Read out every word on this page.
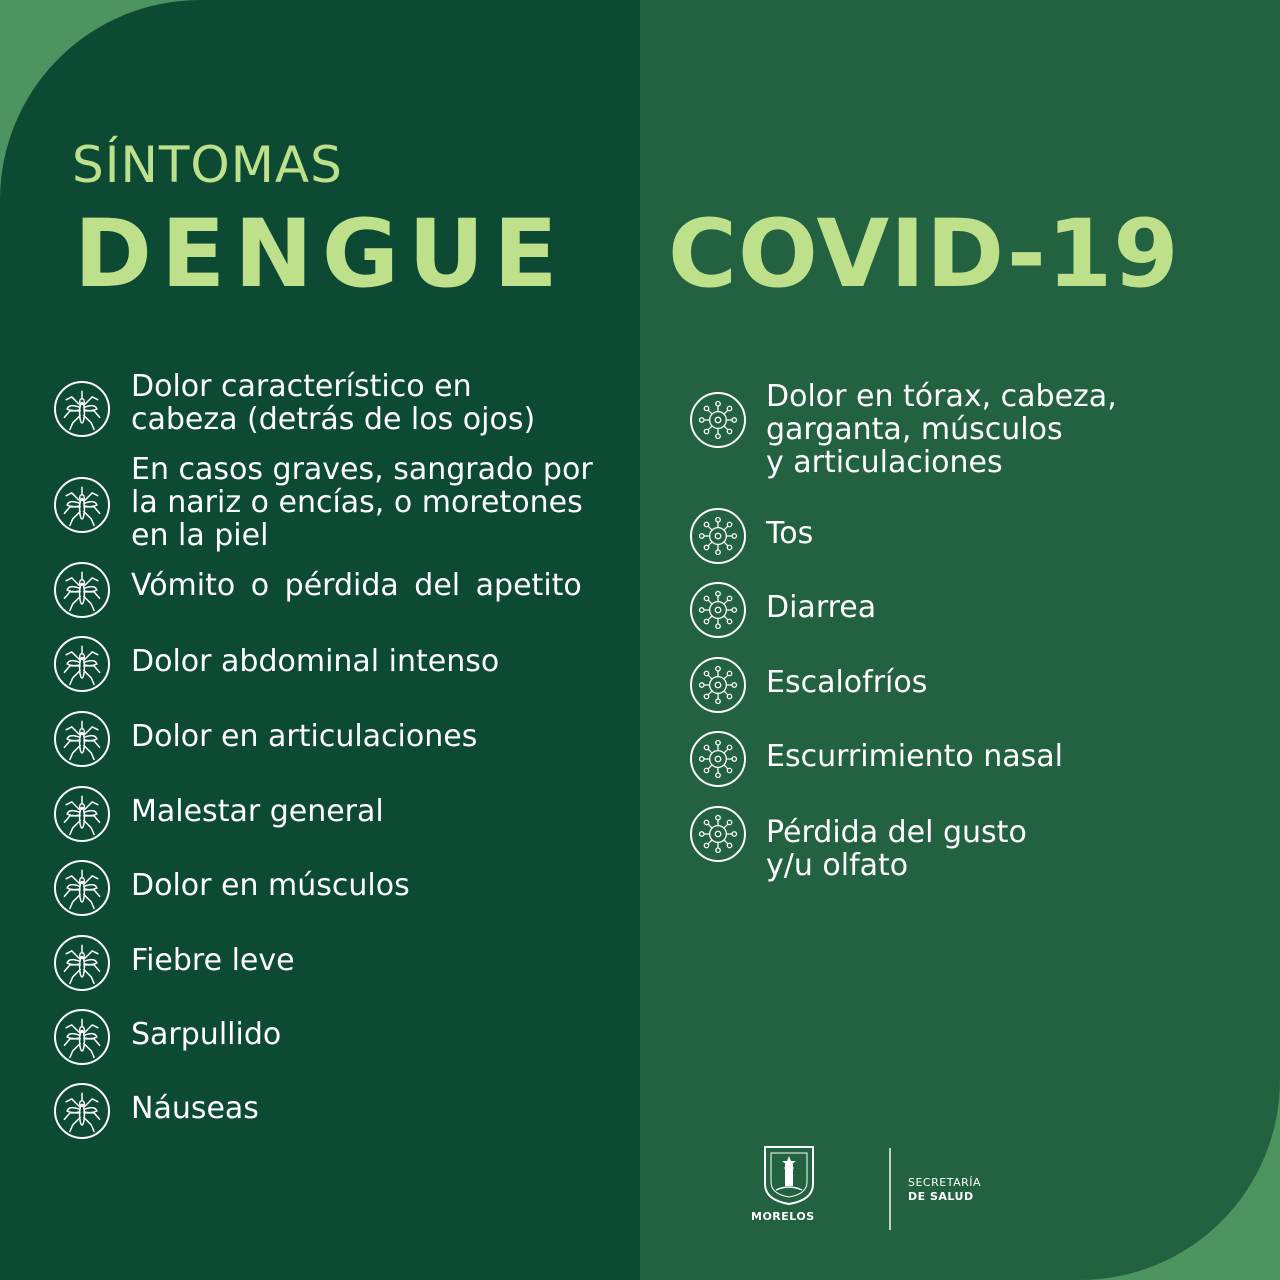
SÍNTOMAS
DENGUE COVID-19
Dolor característico en
cabeza (detrás de los ojos)
En casos graves, sangrado por
la nariz o encías, o moretones
en la piel
Vómito o pérdida del apetito
Dolor abdominal intenso
Dolor en articulaciones
Malestar general
Dolor en músculos
Fiebre leve
Sarpullido
Náuseas
Dolor en tórax, cabeza,
garganta, músculos
y articulaciones
Tos
Diarrea
Escalofríos
Escurrimiento nasal
Pérdida del gusto
y/u olfato
MORELOS
SECRETARÍA
DE SALUD
